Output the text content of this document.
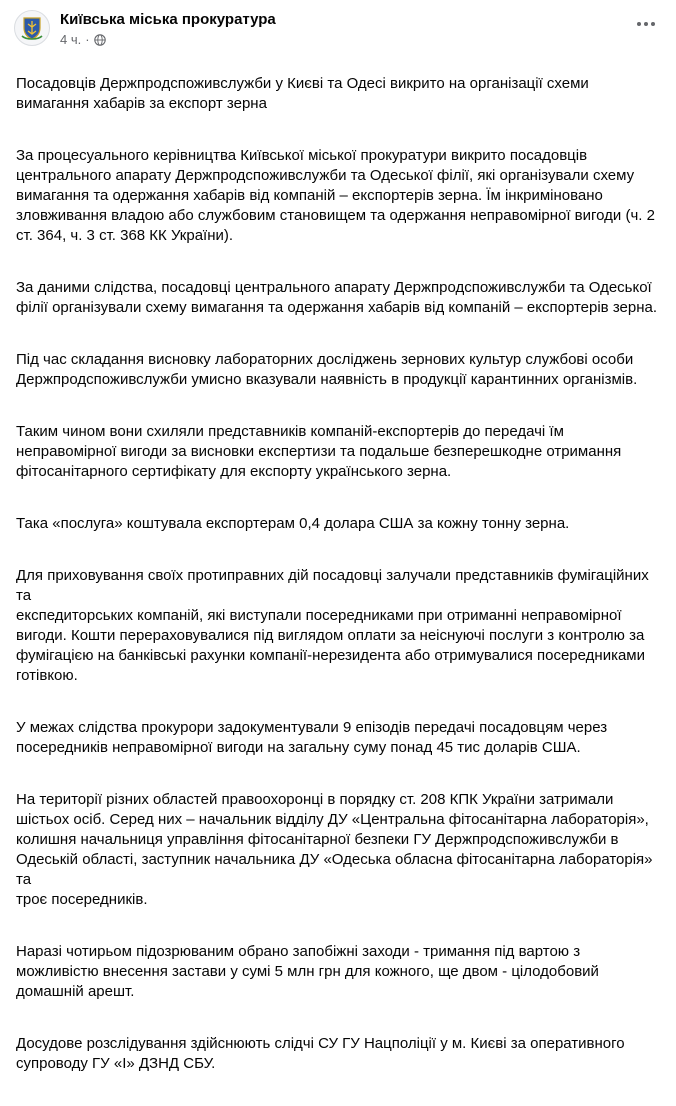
Київська міська прокуратура
4 ч. ·

Посадовців Держпродспоживслужби у Києві та Одесі викрито на організації схеми
вимагання хабарів за експорт зерна

За процесуального керівництва Київської міської прокуратури викрито посадовців
центрального апарату Держпродспоживслужби та Одеської філії, які організували схему
вимагання та одержання хабарів від компаній – експортерів зерна. Їм інкриміновано
зловживання владою або службовим становищем та одержання неправомірної вигоди (ч. 2
ст. 364, ч. 3 ст. 368 КК України).

За даними слідства, посадовці центрального апарату Держпродспоживслужби та Одеської
філії організували схему вимагання та одержання хабарів від компаній – експортерів зерна.

Під час складання висновку лабораторних досліджень зернових культур службові особи
Держпродспоживслужби умисно вказували наявність в продукції карантинних організмів.

Таким чином вони схиляли представників компаній-експортерів до передачі їм
неправомірної вигоди за висновки експертизи та подальше безперешкодне отримання
фітосанітарного сертифікату для експорту українського зерна.

Така «послуга» коштувала експортерам 0,4 долара США за кожну тонну зерна.

Для приховування своїх протиправних дій посадовці залучали представників фумігаційних та
експедиторських компаній, які виступали посередниками при отриманні неправомірної
вигоди. Кошти перераховувалися під виглядом оплати за неіснуючі послуги з контролю за
фумігацією на банківські рахунки компанії-нерезидента або отримувалися посередниками
готівкою.

У межах слідства прокурори задокументували 9 епізодів передачі посадовцям через
посередників неправомірної вигоди на загальну суму понад 45 тис доларів США.

На території різних областей правоохоронці в порядку ст. 208 КПК України затримали
шістьох осіб. Серед них – начальник відділу ДУ «Центральна фітосанітарна лабораторія»,
колишня начальниця управління фітосанітарної безпеки ГУ Держпродспоживслужби в
Одеській області, заступник начальника ДУ «Одеська обласна фітосанітарна лабораторія» та
троє посередників.

Наразі чотирьом підозрюваним обрано запобіжні заходи - тримання під вартою з
можливістю внесення застави у сумі 5 млн грн для кожного, ще двом - цілодобовий
домашній арешт.

Досудове розслідування здійснюють слідчі СУ ГУ Нацполіції у м. Києві за оперативного
супроводу ГУ «І» ДЗНД СБУ.
